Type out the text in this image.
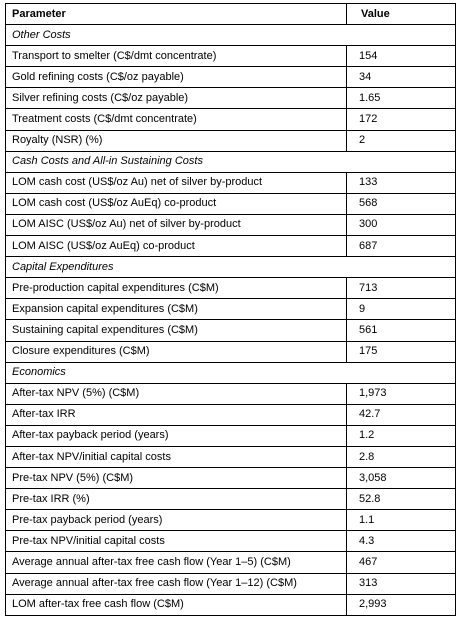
Parameter	Value
Other Costs	
Transport to smelter (C$/dmt concentrate)	154
Gold refining costs (C$/oz payable)	34
Silver refining costs (C$/oz payable)	1.65
Treatment costs (C$/dmt concentrate)	172
Royalty (NSR) (%)	2
Cash Costs and All-in Sustaining Costs	
LOM cash cost (US$/oz Au) net of silver by-product	133
LOM cash cost (US$/oz AuEq) co-product	568
LOM AISC (US$/oz Au) net of silver by-product	300
LOM AISC (US$/oz AuEq) co-product	687
Capital Expenditures	
Pre-production capital expenditures (C$M)	713
Expansion capital expenditures (C$M)	9
Sustaining capital expenditures (C$M)	561
Closure expenditures (C$M)	175
Economics	
After-tax NPV (5%) (C$M)	1,973
After-tax IRR	42.7
After-tax payback period (years)	1.2
After-tax NPV/initial capital costs	2.8
Pre-tax NPV (5%) (C$M)	3,058
Pre-tax IRR (%)	52.8
Pre-tax payback period (years)	1.1
Pre-tax NPV/initial capital costs	4.3
Average annual after-tax free cash flow (Year 1–5) (C$M)	467
Average annual after-tax free cash flow (Year 1–12) (C$M)	313
LOM after-tax free cash flow (C$M)	2,993
